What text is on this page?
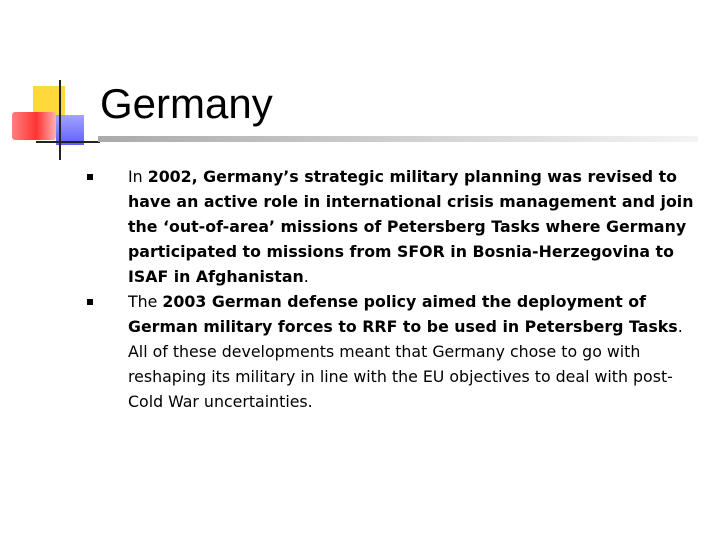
Germany
In 2002, Germany’s strategic military planning was revised to have an active role in international crisis management and join the ‘out-of-area’ missions of Petersberg Tasks where Germany participated to missions from SFOR in Bosnia-Herzegovina to ISAF in Afghanistan.
The 2003 German defense policy aimed the deployment of German military forces to RRF to be used in Petersberg Tasks. All of these developments meant that Germany chose to go with reshaping its military in line with the EU objectives to deal with post-Cold War uncertainties.
